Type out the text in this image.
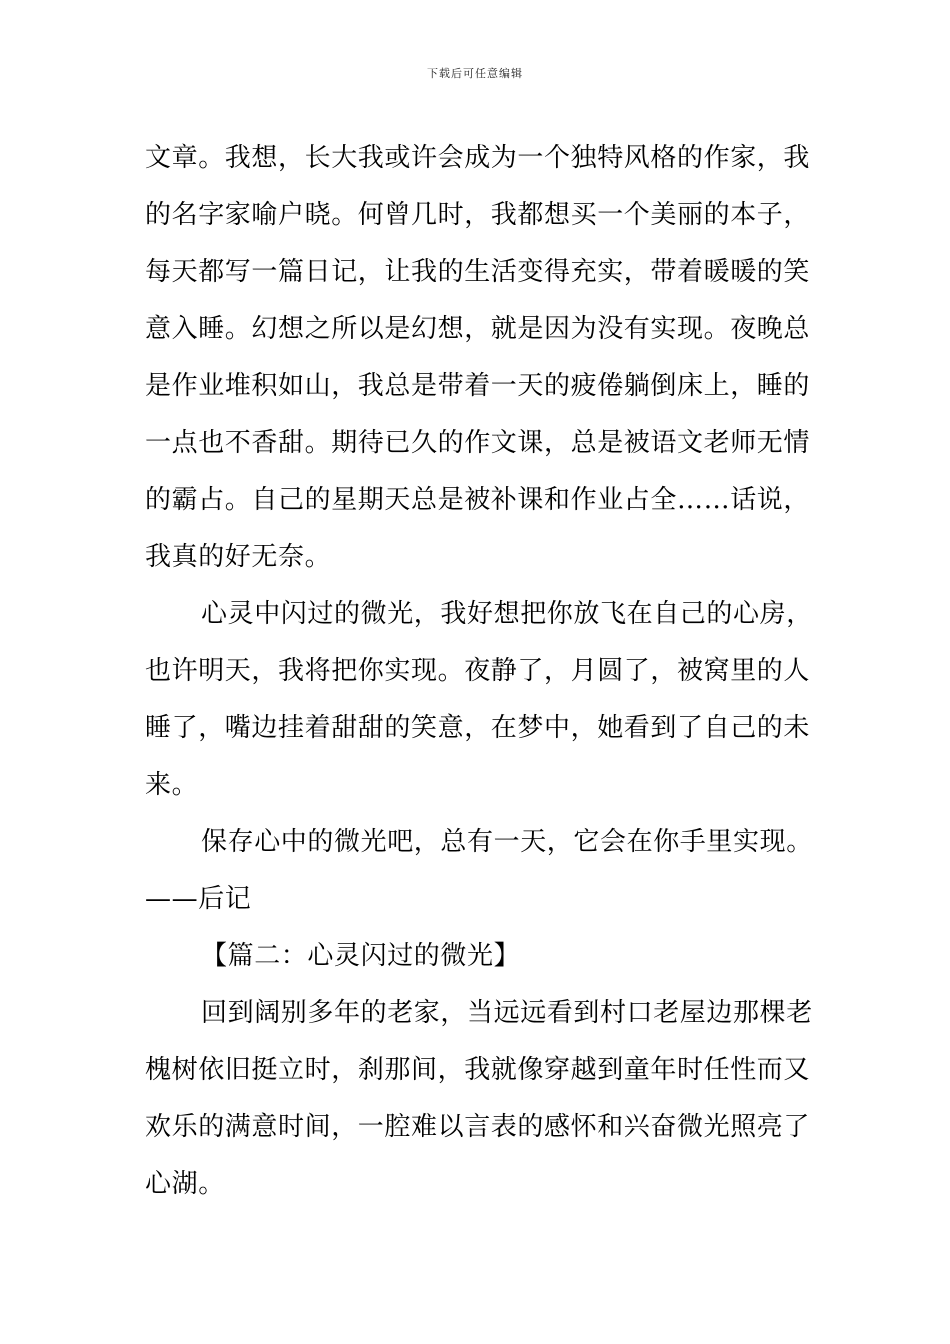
下载后可任意编辑
文章。我想，长大我或许会成为一个独特风格的作家，我
的名字家喻户晓。何曾几时，我都想买一个美丽的本子，
每天都写一篇日记，让我的生活变得充实，带着暖暖的笑
意入睡。幻想之所以是幻想，就是因为没有实现。夜晚总
是作业堆积如山，我总是带着一天的疲倦躺倒床上，睡的
一点也不香甜。期待已久的作文课，总是被语文老师无情
的霸占。自己的星期天总是被补课和作业占全……话说，
我真的好无奈。
心灵中闪过的微光，我好想把你放飞在自己的心房，
也许明天，我将把你实现。夜静了，月圆了，被窝里的人
睡了，嘴边挂着甜甜的笑意，在梦中，她看到了自己的未
来。
保存心中的微光吧，总有一天，它会在你手里实现。
——后记
【篇二：心灵闪过的微光】
回到阔别多年的老家，当远远看到村口老屋边那棵老
槐树依旧挺立时，刹那间，我就像穿越到童年时任性而又
欢乐的满意时间，一腔难以言表的感怀和兴奋微光照亮了
心湖。
